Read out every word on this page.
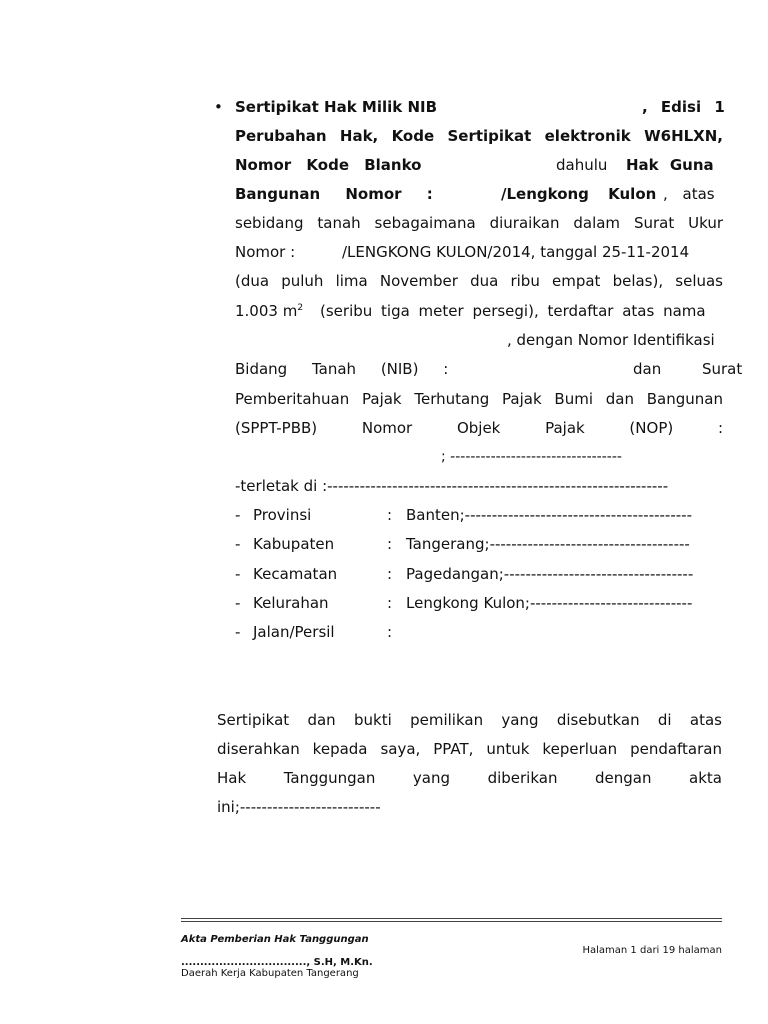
• Sertipikat Hak Milik NIB	, Edisi 1
Perubahan Hak, Kode Sertipikat elektronik W6HLXN,
Nomor Kode Blanko	dahulu Hak Guna
Bangunan Nomor :	/Lengkong Kulon , atas
sebidang tanah sebagaimana diuraikan dalam Surat Ukur
Nomor :	/LENGKONG KULON/2014, tanggal 25-11-2014
(dua puluh lima November dua ribu empat belas), seluas
1.003 $m^2$ (seribu tiga meter persegi), terdaftar atas nama
, dengan Nomor Identifikasi
Bidang Tanah (NIB) :	dan Surat
Pemberitahuan Pajak Terhutang Pajak Bumi dan Bangunan
(SPPT-PBB) Nomor Objek Pajak (NOP) :
; ----------------------------------
-terletak di :---------------------------------------------------------------
- Provinsi	: Banten;------------------------------------------
- Kabupaten	: Tangerang;-------------------------------------
- Kecamatan	: Pagedangan;-----------------------------------
- Kelurahan	: Lengkong Kulon;------------------------------
- Jalan/Persil	:
Sertipikat dan bukti pemilikan yang disebutkan di atas
diserahkan kepada saya, PPAT, untuk keperluan pendaftaran
Hak Tanggungan yang diberikan dengan akta
ini;--------------------------
Akta Pemberian Hak Tanggungan
Halaman 1 dari 19 halaman
................................., S.H, M.Kn.
Daerah Kerja Kabupaten Tangerang
